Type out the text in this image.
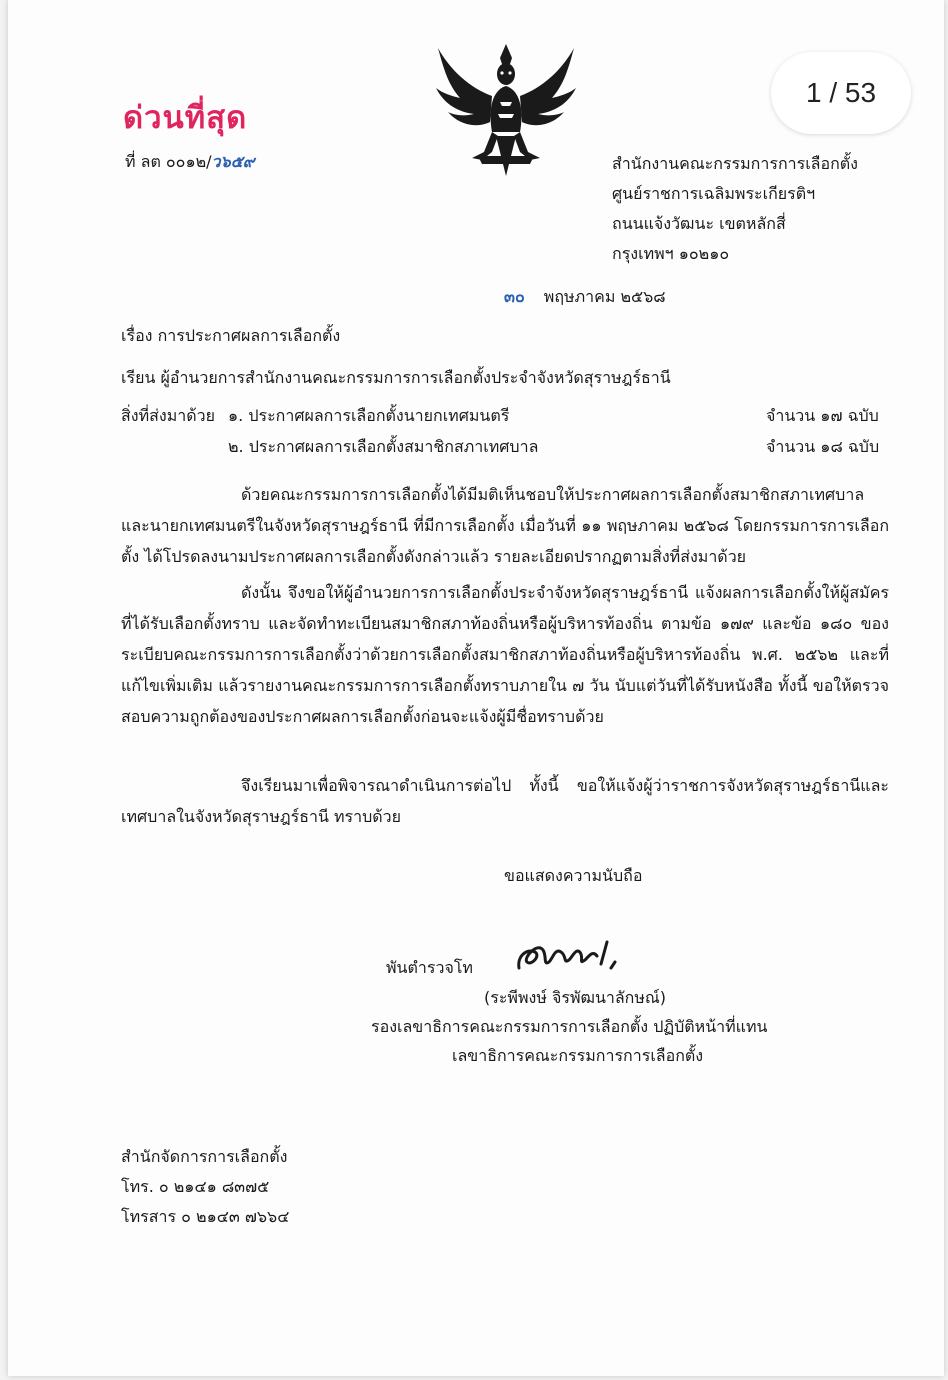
ด่วนที่สุด
1 / 53
ที่ ลต ๐๐๑๒/ว๖๕๙	สำนักงานคณะกรรมการการเลือกตั้ง
ศูนย์ราชการเฉลิมพระเกียรติฯ
ถนนแจ้งวัฒนะ เขตหลักสี่
กรุงเทพฯ ๑๐๒๑๐
๓๐ พฤษภาคม ๒๕๖๘
เรื่อง การประกาศผลการเลือกตั้ง
เรียน ผู้อำนวยการสำนักงานคณะกรรมการการเลือกตั้งประจำจังหวัดสุราษฎร์ธานี
สิ่งที่ส่งมาด้วย ๑. ประกาศผลการเลือกตั้งนายกเทศมนตรี	จำนวน ๑๗ ฉบับ
๒. ประกาศผลการเลือกตั้งสมาชิกสภาเทศบาล	จำนวน ๑๘ ฉบับ
ด้วยคณะกรรมการการเลือกตั้งได้มีมติเห็นชอบให้ประกาศผลการเลือกตั้งสมาชิกสภาเทศบาลและนายกเทศมนตรีในจังหวัดสุราษฎร์ธานี ที่มีการเลือกตั้ง เมื่อวันที่ ๑๑ พฤษภาคม ๒๕๖๘ โดยกรรมการการเลือกตั้ง ได้โปรดลงนามประกาศผลการเลือกตั้งดังกล่าวแล้ว รายละเอียดปรากฏตามสิ่งที่ส่งมาด้วย
ดังนั้น จึงขอให้ผู้อำนวยการการเลือกตั้งประจำจังหวัดสุราษฎร์ธานี แจ้งผลการเลือกตั้งให้ผู้สมัครที่ได้รับเลือกตั้งทราบ และจัดทำทะเบียนสมาชิกสภาท้องถิ่นหรือผู้บริหารท้องถิ่น ตามข้อ ๑๗๙ และข้อ ๑๘๐ ของระเบียบคณะกรรมการการเลือกตั้งว่าด้วยการเลือกตั้งสมาชิกสภาท้องถิ่นหรือผู้บริหารท้องถิ่น พ.ศ. ๒๕๖๒ และที่แก้ไขเพิ่มเติม แล้วรายงานคณะกรรมการการเลือกตั้งทราบภายใน ๗ วัน นับแต่วันที่ได้รับหนังสือ ทั้งนี้ ขอให้ตรวจสอบความถูกต้องของประกาศผลการเลือกตั้งก่อนจะแจ้งผู้มีชื่อทราบด้วย
จึงเรียนมาเพื่อพิจารณาดำเนินการต่อไป ทั้งนี้ ขอให้แจ้งผู้ว่าราชการจังหวัดสุราษฎร์ธานีและเทศบาลในจังหวัดสุราษฎร์ธานี ทราบด้วย
ขอแสดงความนับถือ
พันตำรวจโท
(ระพีพงษ์ จิรพัฒนาลักษณ์)
รองเลขาธิการคณะกรรมการการเลือกตั้ง ปฏิบัติหน้าที่แทน
เลขาธิการคณะกรรมการการเลือกตั้ง
สำนักจัดการการเลือกตั้ง
โทร. ๐ ๒๑๔๑ ๘๓๗๕
โทรสาร ๐ ๒๑๔๓ ๗๖๖๔
